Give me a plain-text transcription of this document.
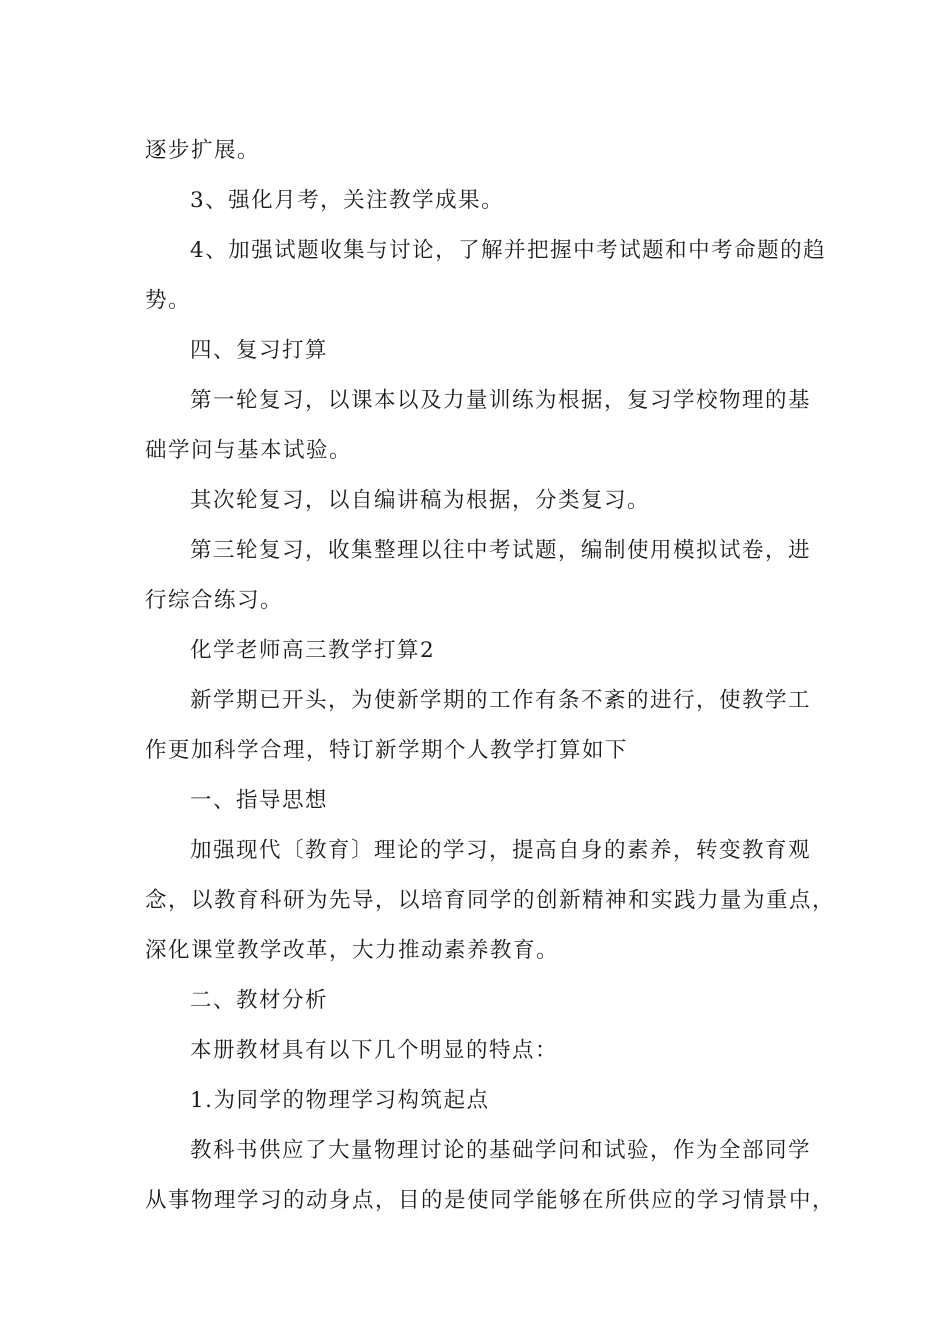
逐步扩展。
3、强化月考，关注教学成果。
4、加强试题收集与讨论，了解并把握中考试题和中考命题的趋
势。
四、复习打算
第一轮复习，以课本以及力量训练为根据，复习学校物理的基
础学问与基本试验。
其次轮复习，以自编讲稿为根据，分类复习。
第三轮复习，收集整理以往中考试题，编制使用模拟试卷，进
行综合练习。
化学老师高三教学打算2
新学期已开头，为使新学期的工作有条不紊的进行，使教学工
作更加科学合理，特订新学期个人教学打算如下
一、指导思想
加强现代〔教育〕理论的学习，提高自身的素养，转变教育观
念，以教育科研为先导，以培育同学的创新精神和实践力量为重点，
深化课堂教学改革，大力推动素养教育。
二、教材分析
本册教材具有以下几个明显的特点：
1.为同学的物理学习构筑起点
教科书供应了大量物理讨论的基础学问和试验，作为全部同学
从事物理学习的动身点，目的是使同学能够在所供应的学习情景中，
